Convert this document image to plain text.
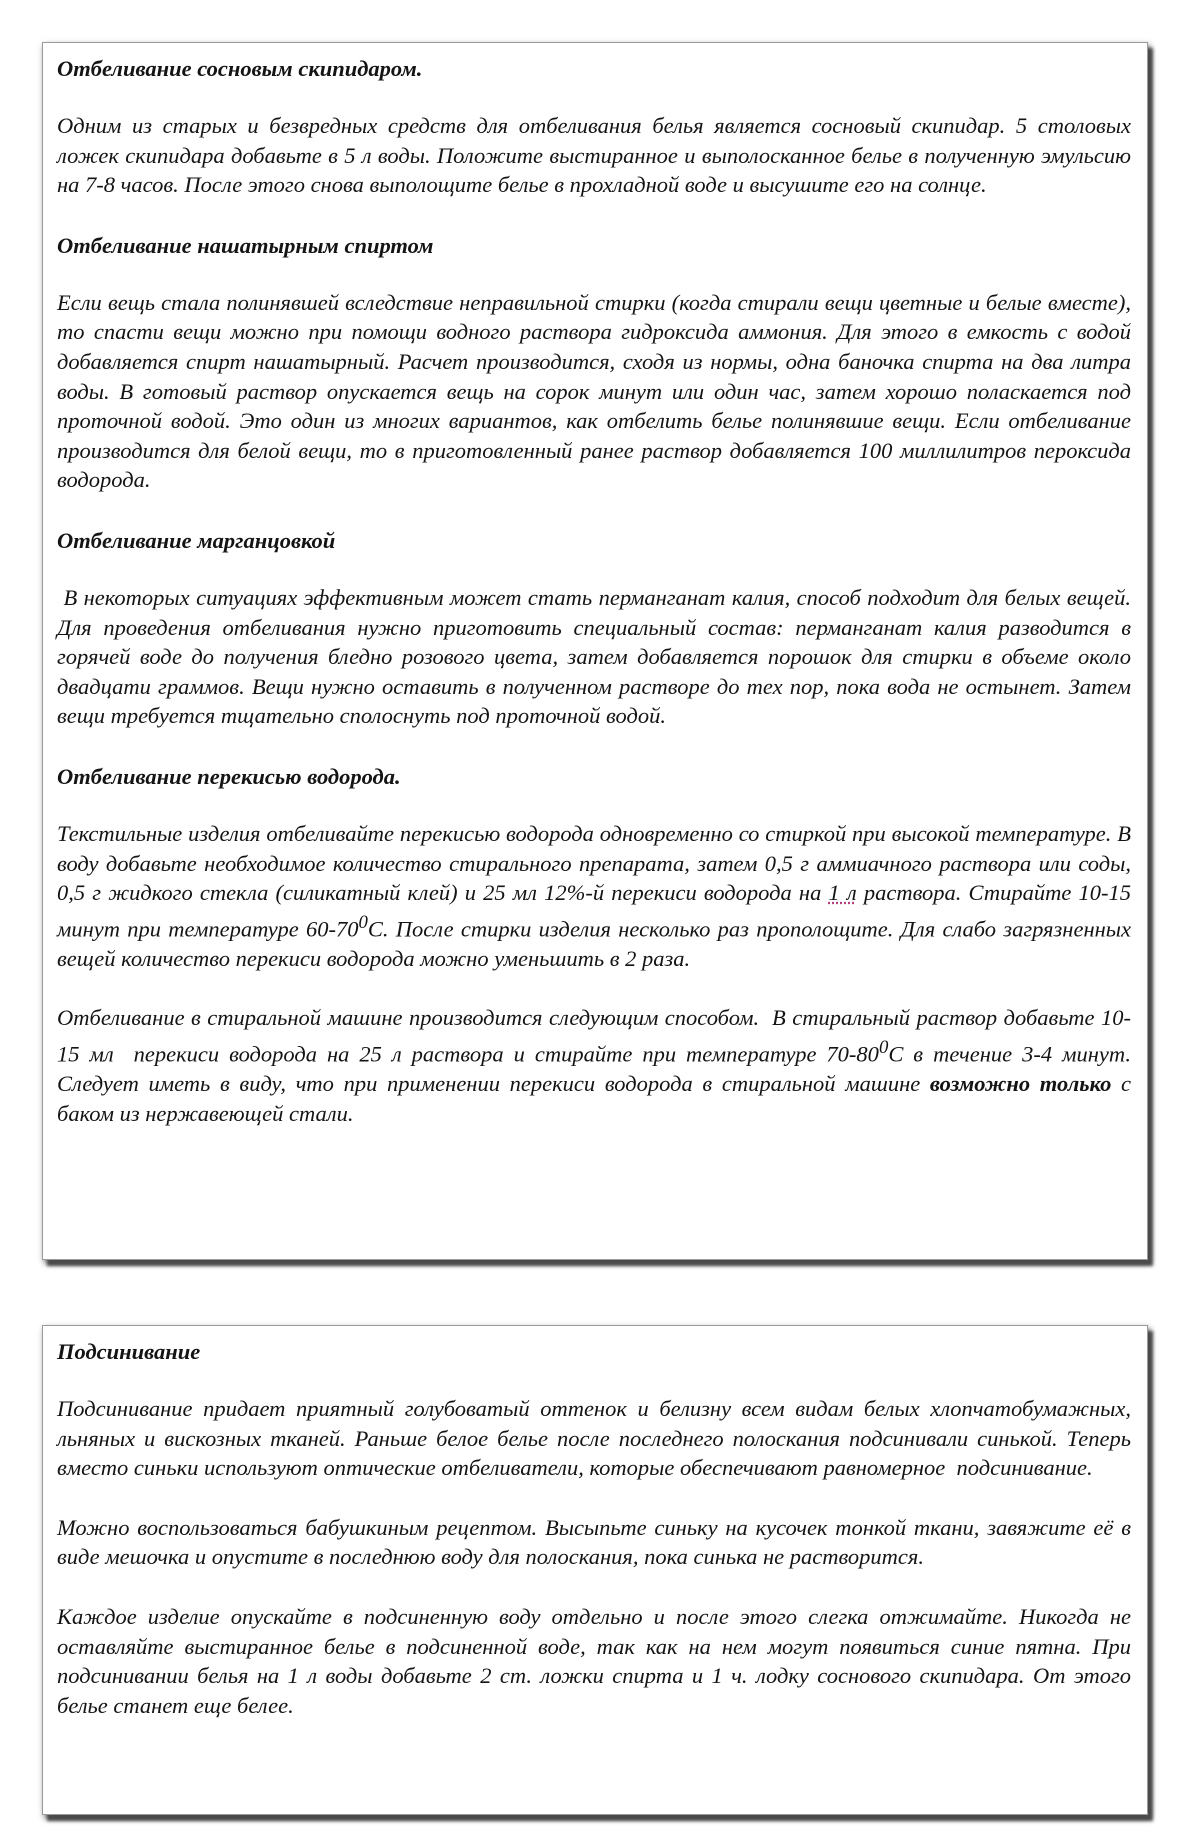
Отбеливание сосновым скипидаром.
Одним из старых и безвредных средств для отбеливания белья является сосновый скипидар. 5 столовых ложек скипидара добавьте в 5 л воды. Положите выстиранное и выполосканное белье в полученную эмульсию на 7-8 часов. После этого снова выполощите белье в прохладной воде и высушите его на солнце.
Отбеливание нашатырным спиртом
Если вещь стала полинявшей вследствие неправильной стирки (когда стирали вещи цветные и белые вместе), то спасти вещи можно при помощи водного раствора гидроксида аммония. Для этого в емкость с водой добавляется спирт нашатырный. Расчет производится, сходя из нормы, одна баночка спирта на два литра воды. В готовый раствор опускается вещь на сорок минут или один час, затем хорошо поласкается под проточной водой. Это один из многих вариантов, как отбелить белье полинявшие вещи. Если отбеливание производится для белой вещи, то в приготовленный ранее раствор добавляется 100 миллилитров пероксида водорода.
Отбеливание марганцовкой
В некоторых ситуациях эффективным может стать перманганат калия, способ подходит для белых вещей. Для проведения отбеливания нужно приготовить специальный состав: перманганат калия разводится в горячей воде до получения бледно розового цвета, затем добавляется порошок для стирки в объеме около двадцати граммов. Вещи нужно оставить в полученном растворе до тех пор, пока вода не остынет. Затем вещи требуется тщательно сполоснуть под проточной водой.
Отбеливание перекисью водорода.
Текстильные изделия отбеливайте перекисью водорода одновременно со стиркой при высокой температуре. В воду добавьте необходимое количество стирального препарата, затем 0,5 г аммиачного раствора или соды, 0,5 г жидкого стекла (силикатный клей) и 25 мл 12%-й перекиси водорода на 1 л раствора. Стирайте 10-15 минут при температуре $60-70^0С$. После стирки изделия несколько раз прополощите. Для слабо загрязненных вещей количество перекиси водорода можно уменьшить в 2 раза.
Отбеливание в стиральной машине производится следующим способом.  В стиральный раствор добавьте 10-15 мл  перекиси водорода на 25 л раствора и стирайте при температуре $70-80^0С$ в течение 3-4 минут. Следует иметь в виду, что при применении перекиси водорода в стиральной машине возможно только с баком из нержавеющей стали.
Подсинивание
Подсинивание придает приятный голубоватый оттенок и белизну всем видам белых хлопчатобумажных, льняных и вискозных тканей. Раньше белое белье после последнего полоскания подсинивали синькой. Теперь вместо синьки используют оптические отбеливатели, которые обеспечивают равномерное  подсинивание.
Можно воспользоваться бабушкиным рецептом. Высыпьте синьку на кусочек тонкой ткани, завяжите её в виде мешочка и опустите в последнюю воду для полоскания, пока синька не растворится.
Каждое изделие опускайте в подсиненную воду отдельно и после этого слегка отжимайте. Никогда не оставляйте выстиранное белье в подсиненной воде, так как на нем могут появиться синие пятна. При подсинивании белья на 1 л воды добавьте 2 ст. ложки спирта и 1 ч. лодку соснового скипидара. От этого белье станет еще белее.
